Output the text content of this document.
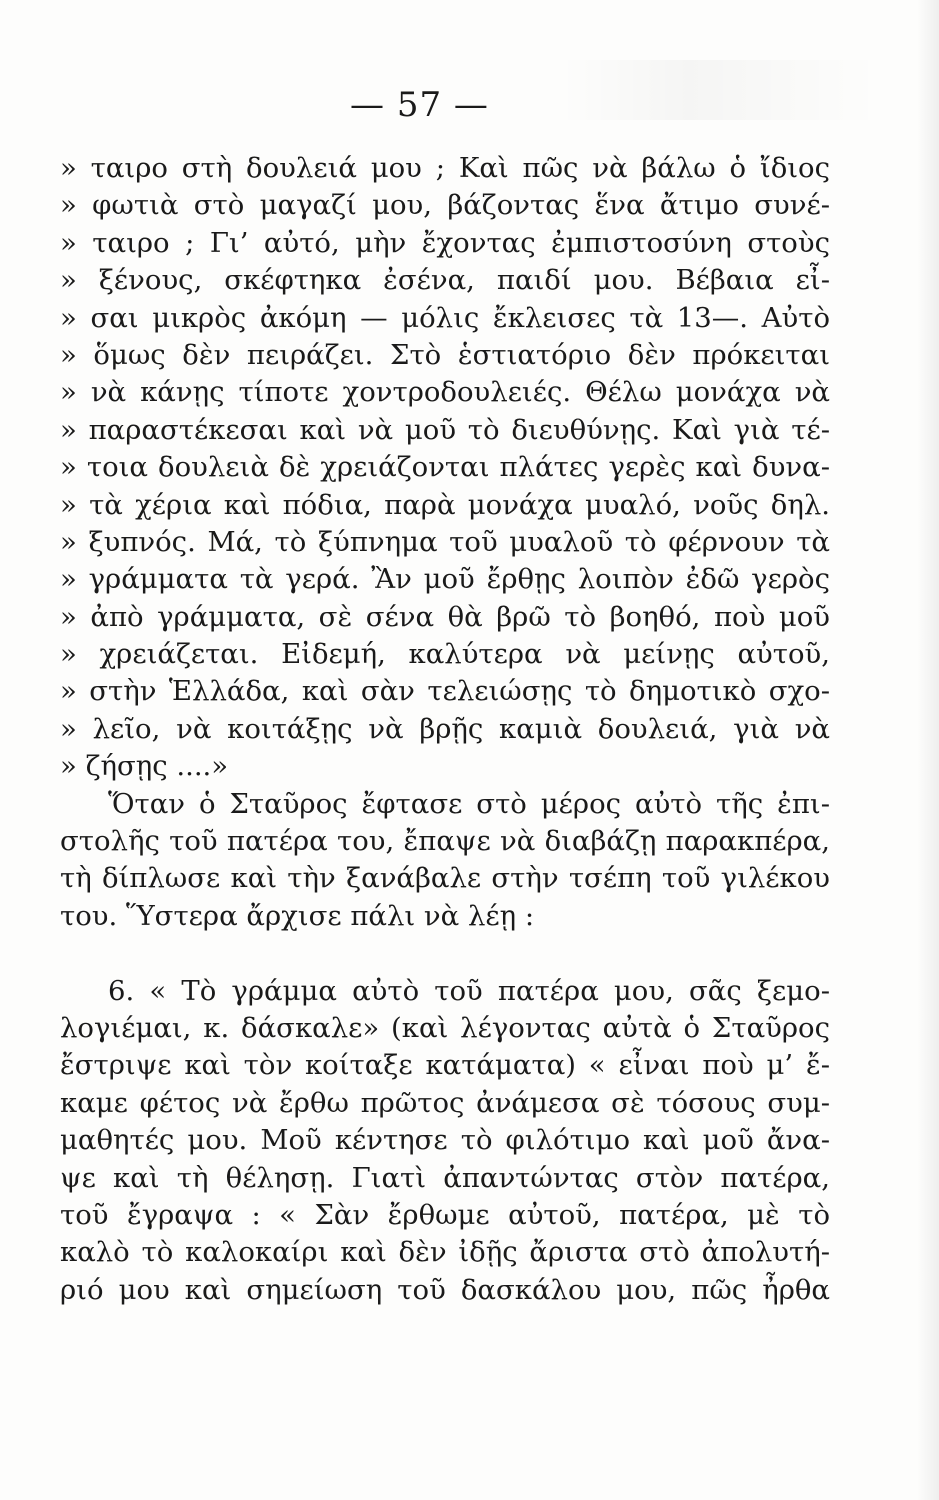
— 57 —
» ταιρο στὴ δουλειά μου ; Καὶ πῶς νὰ βάλω ὁ ἴδιος
» φωτιὰ στὸ μαγαζί μου, βάζοντας ἕνα ἄτιμο συνέ-
» ταιρο ; Γι’ αὐτό, μὴν ἔχοντας ἐμπιστοσύνη στοὺς
» ξένους, σκέφτηκα ἐσένα, παιδί μου. Βέβαια εἶ-
» σαι μικρὸς ἀκόμη — μόλις ἔκλεισες τὰ 13—. Αὐτὸ
» ὅμως δὲν πειράζει. Στὸ ἑστιατόριο δὲν πρόκειται
» νὰ κάνῃς τίποτε χοντροδουλειές. Θέλω μονάχα νὰ
» παραστέκεσαι καὶ νὰ μοῦ τὸ διευθύνῃς. Καὶ γιὰ τέ-
» τοια δουλειὰ δὲ χρειάζονται πλάτες γερὲς καὶ δυνα-
» τὰ χέρια καὶ πόδια, παρὰ μονάχα μυαλό, νοῦς δηλ.
» ξυπνός. Μά, τὸ ξύπνημα τοῦ μυαλοῦ τὸ φέρνουν τὰ
» γράμματα τὰ γερά. Ἂν μοῦ ἔρθῃς λοιπὸν ἐδῶ γερὸς
» ἀπὸ γράμματα, σὲ σένα θὰ βρῶ τὸ βοηθό, ποὺ μοῦ
» χρειάζεται. Εἰδεμή, καλύτερα νὰ μείνῃς αὐτοῦ,
» στὴν Ἑλλάδα, καὶ σὰν τελειώσῃς τὸ δημοτικὸ σχο-
» λεῖο, νὰ κοιτάξῃς νὰ βρῇς καμιὰ δουλειά, γιὰ νὰ
» ζήσῃς ....»
Ὅταν ὁ Σταῦρος ἔφτασε στὸ μέρος αὐτὸ τῆς ἐπι-
στολῆς τοῦ πατέρα του, ἔπαψε νὰ διαβάζῃ παρακπέρα,
τὴ δίπλωσε καὶ τὴν ξανάβαλε στὴν τσέπη τοῦ γιλέκου
του. Ὕστερα ἄρχισε πάλι νὰ λέῃ :
6. « Τὸ γράμμα αὐτὸ τοῦ πατέρα μου, σᾶς ξεμο-
λογιέμαι, κ. δάσκαλε» (καὶ λέγοντας αὐτὰ ὁ Σταῦρος
ἔστριψε καὶ τὸν κοίταξε κατάματα) « εἶναι ποὺ μ’ ἔ-
καμε φέτος νὰ ἔρθω πρῶτος ἀνάμεσα σὲ τόσους συμ-
μαθητές μου. Μοῦ κέντησε τὸ φιλότιμο καὶ μοῦ ἄνα-
ψε καὶ τὴ θέλησῃ. Γιατὶ ἀπαντώντας στὸν πατέρα,
τοῦ ἔγραψα : « Σὰν ἔρθωμε αὐτοῦ, πατέρα, μὲ τὸ
καλὸ τὸ καλοκαίρι καὶ δὲν ἰδῇς ἄριστα στὸ ἀπολυτή-
ριό μου καὶ σημείωση τοῦ δασκάλου μου, πῶς ἦρθα
